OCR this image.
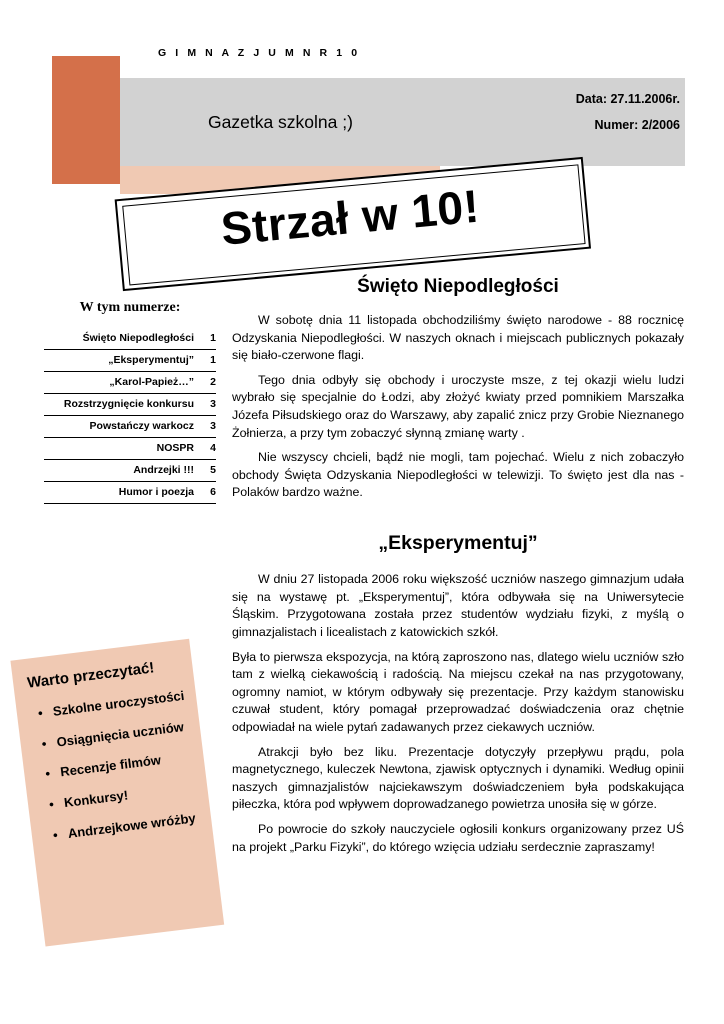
G I M N A Z J U M N R 1 0
Gazetka szkolna ;)
Data: 27.11.2006r.
Numer: 2/2006
Strzał w 10!
W tym numerze:
Święto Niepodległości	1
„Eksperymentuj”	1
„Karol-Papież…”	2
Rozstrzygnięcie konkursu	3
Powstańczy warkocz	3
NOSPR	4
Andrzejki !!!	5
Humor i poezja	6
Warto przeczytać!
• Szkolne uroczystości
• Osiągnięcia uczniów
• Recenzje filmów
• Konkursy!
• Andrzejkowe wróżby
Święto Niepodległości

W sobotę dnia 11 listopada obchodziliśmy święto narodowe - 88 rocznicę Odzyskania Niepodległości. W naszych oknach i miejscach publicznych pokazały się biało-czerwone flagi.

Tego dnia odbyły się obchody i uroczyste msze, z tej okazji wielu ludzi wybrało się specjalnie do Łodzi, aby złożyć kwiaty przed pomnikiem Marszałka Józefa Piłsudskiego oraz do Warszawy, aby zapalić znicz przy Grobie Nieznanego Żołnierza, a przy tym zobaczyć słynną zmianę warty .

Nie wszyscy chcieli, bądź nie mogli, tam pojechać. Wielu z nich zobaczyło obchody Święta Odzyskania Niepodległości w telewizji. To święto jest dla nas - Polaków bardzo ważne.

„Eksperymentuj”

W dniu 27 listopada 2006 roku większość uczniów naszego gimnazjum udała się na wystawę pt. „Eksperymentuj”, która odbywała się na Uniwersytecie Śląskim. Przygotowana została przez studentów wydziału fizyki, z myślą o gimnazjalistach i licealistach z katowickich szkół.

Była to pierwsza ekspozycja, na którą zaproszono nas, dlatego wielu uczniów szło tam z wielką ciekawością i radością. Na miejscu czekał na nas przygotowany, ogromny namiot, w którym odbywały się prezentacje. Przy każdym stanowisku czuwał student, który pomagał przeprowadzać doświadczenia oraz chętnie odpowiadał na wiele pytań zadawanych przez ciekawych uczniów.

Atrakcji było bez liku. Prezentacje dotyczyły przepływu prądu, pola magnetycznego, kuleczek Newtona, zjawisk optycznych i dynamiki. Według opinii naszych gimnazjalistów najciekawszym doświadczeniem była podskakująca piłeczka, która pod wpływem doprowadzanego powietrza unosiła się w górze.

Po powrocie do szkoły nauczyciele ogłosili konkurs organizowany przez UŚ na projekt „Parku Fizyki”, do którego wzięcia udziału serdecznie zapraszamy!
